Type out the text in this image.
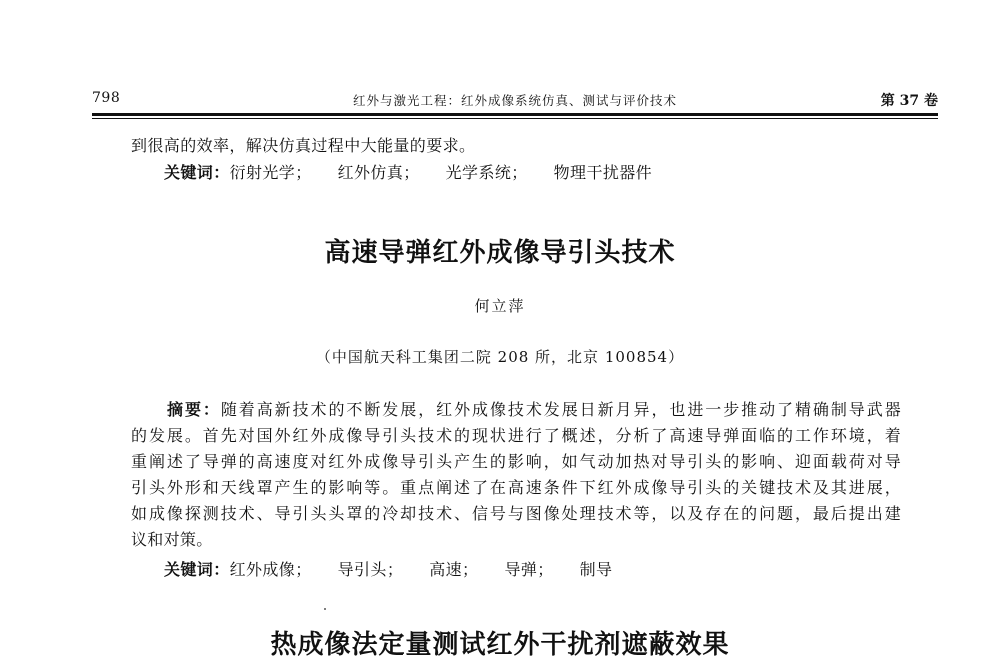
798	红外与激光工程：红外成像系统仿真、测试与评价技术	第 37 卷
到很高的效率，解决仿真过程中大能量的要求。
关键词：衍射光学； 红外仿真； 光学系统； 物理干扰器件
高速导弹红外成像导引头技术
何立萍
（中国航天科工集团二院 208 所，北京 100854）
摘要：随着高新技术的不断发展，红外成像技术发展日新月异，也进一步推动了精确制导武器
的发展。首先对国外红外成像导引头技术的现状进行了概述，分析了高速导弹面临的工作环境，着
重阐述了导弹的高速度对红外成像导引头产生的影响，如气动加热对导引头的影响、迎面载荷对导
引头外形和天线罩产生的影响等。重点阐述了在高速条件下红外成像导引头的关键技术及其进展，
如成像探测技术、导引头头罩的冷却技术、信号与图像处理技术等，以及存在的问题，最后提出建
议和对策。
关键词：红外成像； 导引头； 高速； 导弹； 制导
热成像法定量测试红外干扰剂遮蔽效果
